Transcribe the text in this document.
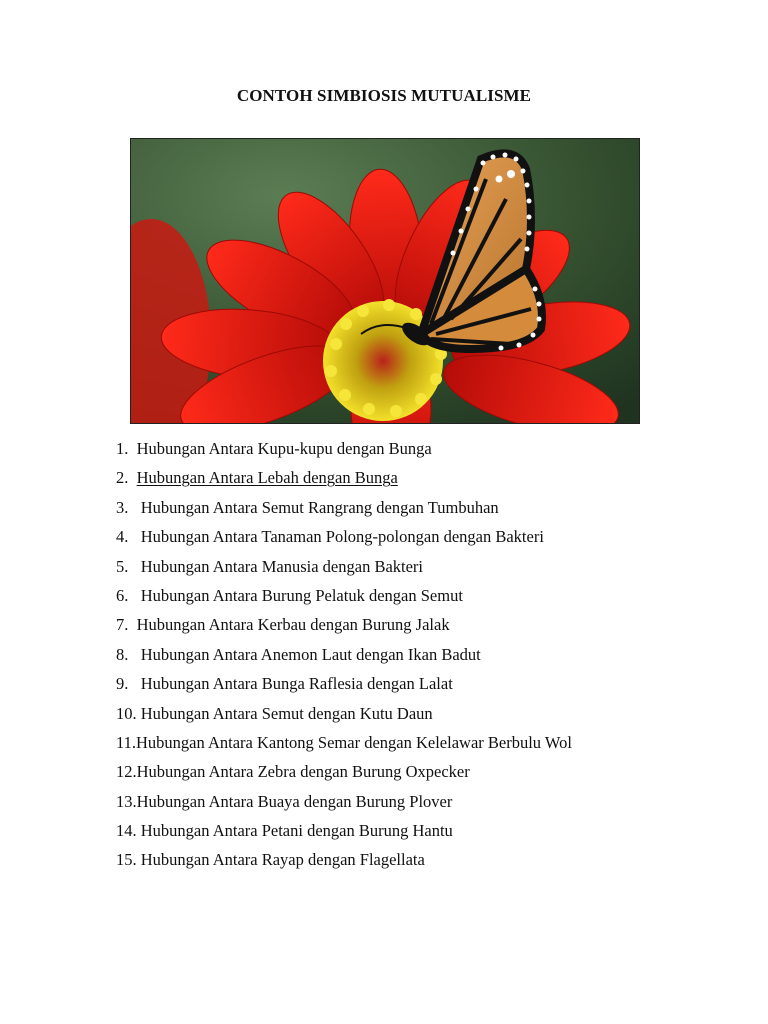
CONTOH SIMBIOSIS MUTUALISME
1. Hubungan Antara Kupu-kupu dengan Bunga
2. Hubungan Antara Lebah dengan Bunga
3. Hubungan Antara Semut Rangrang dengan Tumbuhan
4. Hubungan Antara Tanaman Polong-polongan dengan Bakteri
5. Hubungan Antara Manusia dengan Bakteri
6. Hubungan Antara Burung Pelatuk dengan Semut
7. Hubungan Antara Kerbau dengan Burung Jalak
8. Hubungan Antara Anemon Laut dengan Ikan Badut
9. Hubungan Antara Bunga Raflesia dengan Lalat
10. Hubungan Antara Semut dengan Kutu Daun
11.Hubungan Antara Kantong Semar dengan Kelelawar Berbulu Wol
12.Hubungan Antara Zebra dengan Burung Oxpecker
13.Hubungan Antara Buaya dengan Burung Plover
14. Hubungan Antara Petani dengan Burung Hantu
15. Hubungan Antara Rayap dengan Flagellata
